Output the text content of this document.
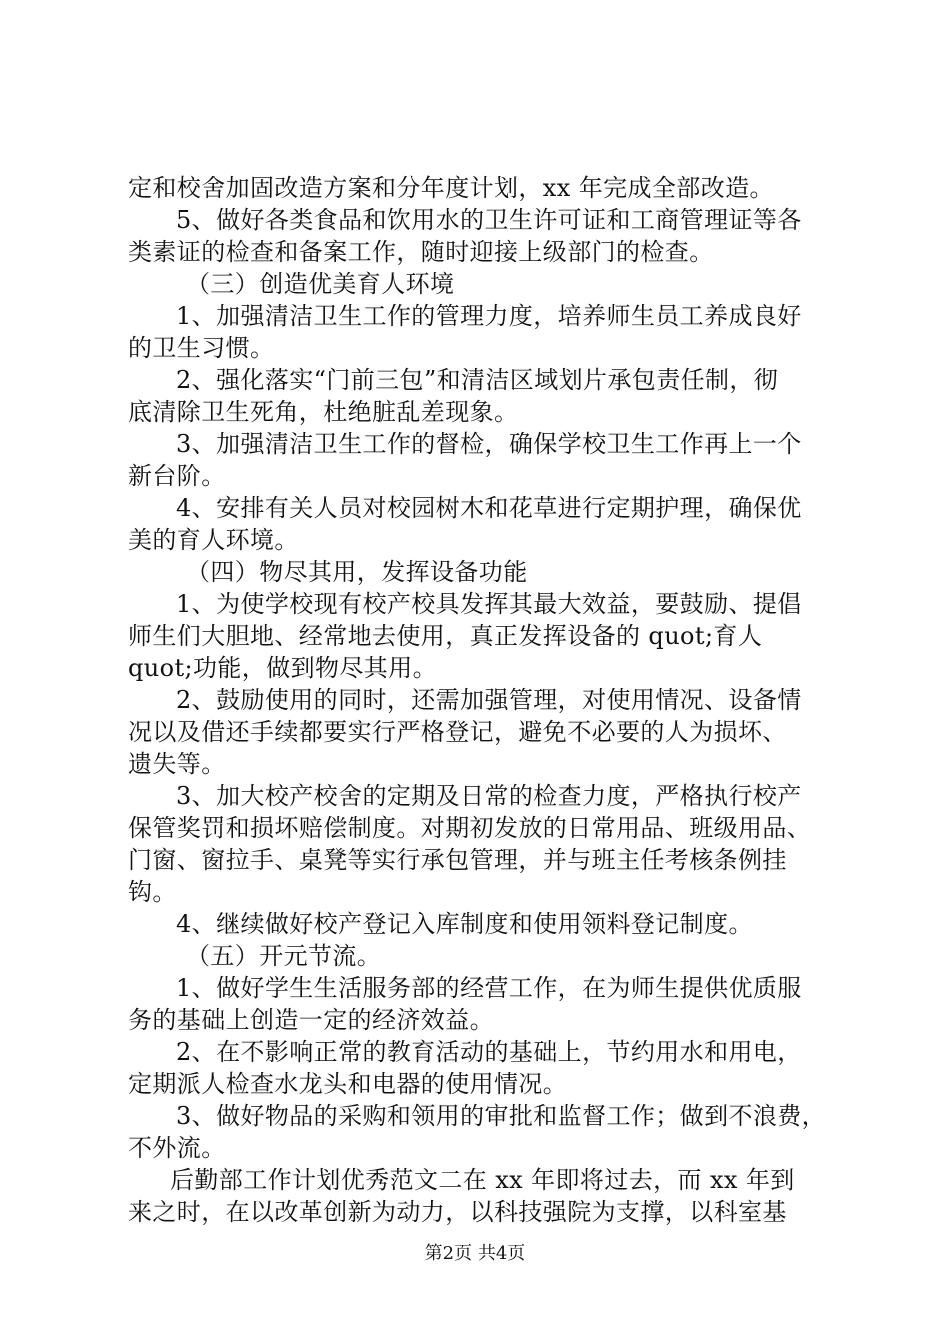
定和校舍加固改造方案和分年度计划，xx 年完成全部改造。
5、做好各类食品和饮用水的卫生许可证和工商管理证等各
类素证的检查和备案工作，随时迎接上级部门的检查。
（三）创造优美育人环境
1、加强清洁卫生工作的管理力度，培养师生员工养成良好
的卫生习惯。
2、强化落实“门前三包”和清洁区域划片承包责任制，彻
底清除卫生死角，杜绝脏乱差现象。
3、加强清洁卫生工作的督检，确保学校卫生工作再上一个
新台阶。
4、安排有关人员对校园树木和花草进行定期护理，确保优
美的育人环境。
（四）物尽其用，发挥设备功能
1、为使学校现有校产校具发挥其最大效益，要鼓励、提倡
师生们大胆地、经常地去使用，真正发挥设备的 quot;育人
quot;功能，做到物尽其用。
2、鼓励使用的同时，还需加强管理，对使用情况、设备情
况以及借还手续都要实行严格登记，避免不必要的人为损坏、
遗失等。
3、加大校产校舍的定期及日常的检查力度，严格执行校产
保管奖罚和损坏赔偿制度。对期初发放的日常用品、班级用品、
门窗、窗拉手、桌凳等实行承包管理，并与班主任考核条例挂
钩。
4、继续做好校产登记入库制度和使用领料登记制度。
（五）开元节流。
1、做好学生生活服务部的经营工作，在为师生提供优质服
务的基础上创造一定的经济效益。
2、在不影响正常的教育活动的基础上，节约用水和用电，
定期派人检查水龙头和电器的使用情况。
3、做好物品的采购和领用的审批和监督工作；做到不浪费，
不外流。
后勤部工作计划优秀范文二在 xx 年即将过去，而 xx 年到
来之时，在以改革创新为动力，以科技强院为支撑，以科室基
第2页 共4页
